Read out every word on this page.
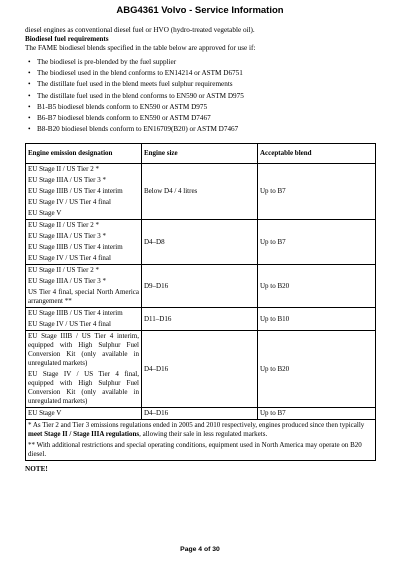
ABG4361 Volvo - Service Information

diesel engines as conventional diesel fuel or HVO (hydro-treated vegetable oil).

Biodiesel fuel requirements

The FAME biodiesel blends specified in the table below are approved for use if:

• The biodiesel is pre-blended by the fuel supplier
• The biodiesel used in the blend conforms to EN14214 or ASTM D6751
• The distillate fuel used in the blend meets fuel sulphur requirements
• The distillate fuel used in the blend conforms to EN590 or ASTM D975
• B1-B5 biodiesel blends conform to EN590 or ASTM D975
• B6-B7 biodiesel blends conform to EN590 or ASTM D7467
• B8-B20 biodiesel blends conform to EN16709(B20) or ASTM D7467
Engine emission designation	Engine size	Acceptable blend

EU Stage II / US Tier 2 *
EU Stage IIIA / US Tier 3 *
EU Stage IIIB / US Tier 4 interim
EU Stage IV / US Tier 4 final
EU Stage V	Below D4 / 4 litres	Up to B7

EU Stage II / US Tier 2 *
EU Stage IIIA / US Tier 3 *
EU Stage IIIB / US Tier 4 interim
EU Stage IV / US Tier 4 final	D4–D8	Up to B7

EU Stage II / US Tier 2 *
EU Stage IIIA / US Tier 3 *
US Tier 4 final, special North America arrangement **	D9–D16	Up to B20

EU Stage IIIB / US Tier 4 interim
EU Stage IV / US Tier 4 final	D11–D16	Up to B10

EU Stage IIIB / US Tier 4 interim, equipped with High Sulphur Fuel Conversion Kit (only available in unregulated markets)
EU Stage IV / US Tier 4 final, equipped with High Sulphur Fuel Conversion Kit (only available in unregulated markets)	D4–D16	Up to B20

EU Stage V	D4–D16	Up to B7

* As Tier 2 and Tier 3 emissions regulations ended in 2005 and 2010 respectively, engines produced since then typically meet Stage II / Stage IIIA regulations, allowing their sale in less regulated markets.
** With additional restrictions and special operating conditions, equipment used in North America may operate on B20 diesel.		
NOTE!
Page 4 of 30
